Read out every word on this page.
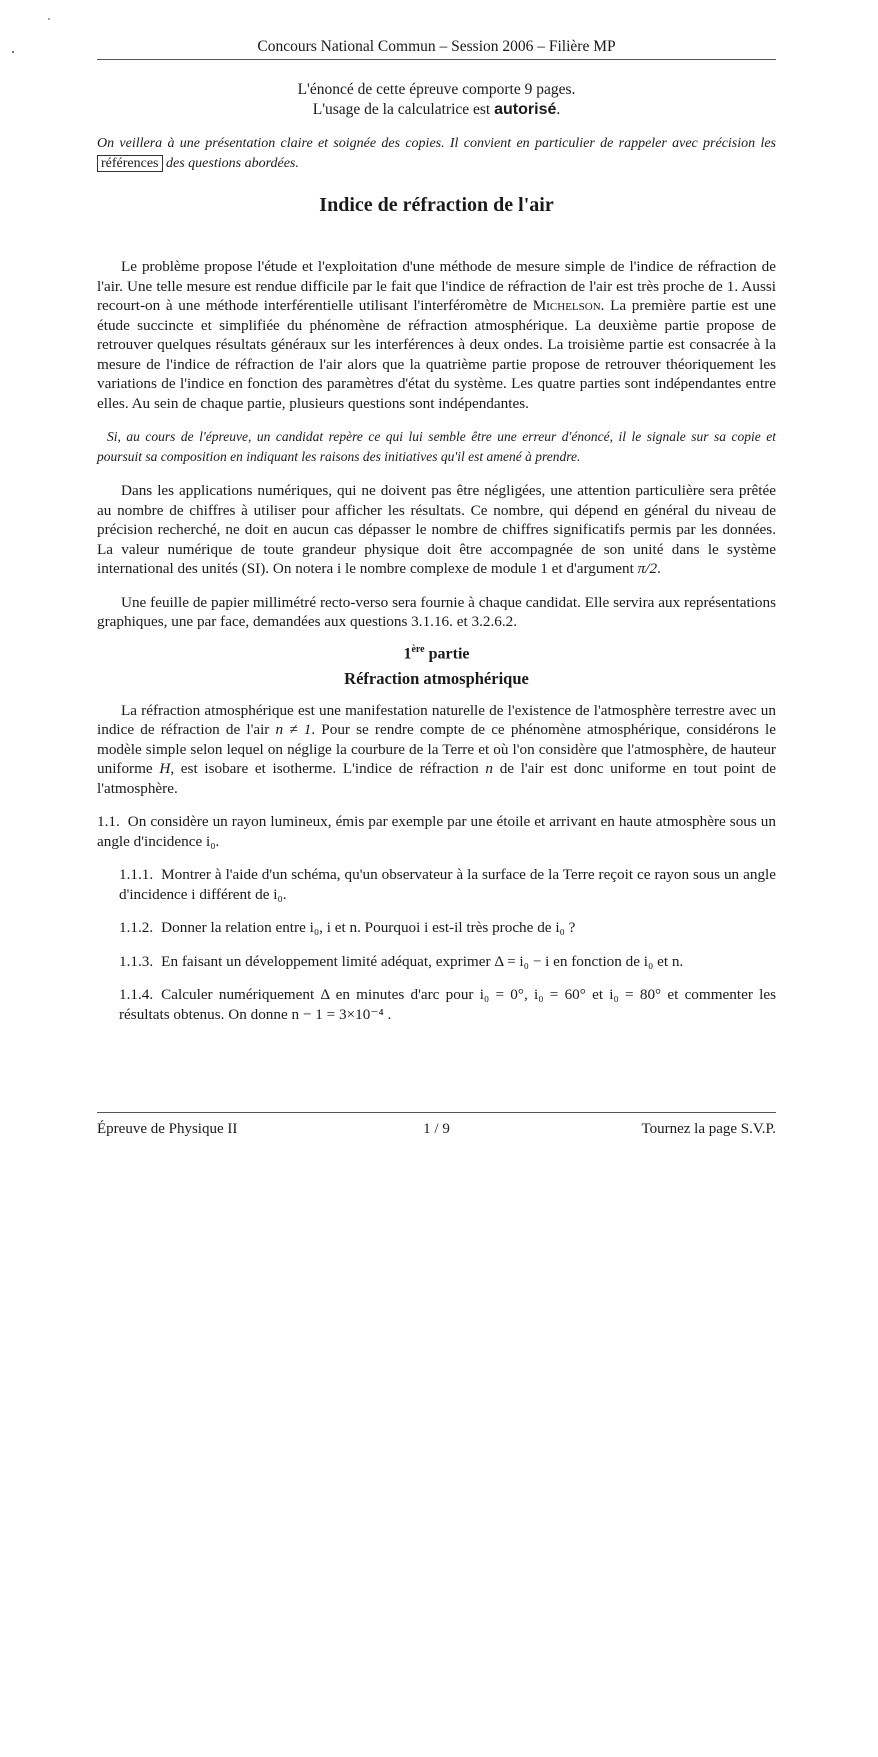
Concours National Commun – Session 2006 – Filière MP
L'énoncé de cette épreuve comporte 9 pages.
L'usage de la calculatrice est autorisé.

On veillera à une présentation claire et soignée des copies. Il convient en particulier de rappeler avec précision les références des questions abordées.

Indice de réfraction de l'air

Le problème propose l'étude et l'exploitation d'une méthode de mesure simple de l'indice de réfraction de l'air. Une telle mesure est rendue difficile par le fait que l'indice de réfraction de l'air est très proche de 1. Aussi recourt-on à une méthode interférentielle utilisant l'interféromètre de Michelson. La première partie est une étude succincte et simplifiée du phénomène de réfraction atmosphérique. La deuxième partie propose de retrouver quelques résultats généraux sur les interférences à deux ondes. La troisième partie est consacrée à la mesure de l'indice de réfraction de l'air alors que la quatrième partie propose de retrouver théoriquement les variations de l'indice en fonction des paramètres d'état du système. Les quatre parties sont indépendantes entre elles. Au sein de chaque partie, plusieurs questions sont indépendantes.

Si, au cours de l'épreuve, un candidat repère ce qui lui semble être une erreur d'énoncé, il le signale sur sa copie et poursuit sa composition en indiquant les raisons des initiatives qu'il est amené à prendre.

Dans les applications numériques, qui ne doivent pas être négligées, une attention particulière sera prêtée au nombre de chiffres à utiliser pour afficher les résultats. Ce nombre, qui dépend en général du niveau de précision recherché, ne doit en aucun cas dépasser le nombre de chiffres significatifs permis par les données. La valeur numérique de toute grandeur physique doit être accompagnée de son unité dans le système international des unités (SI). On notera i le nombre complexe de module 1 et d'argument π/2.

Une feuille de papier millimétré recto-verso sera fournie à chaque candidat. Elle servira aux représentations graphiques, une par face, demandées aux questions 3.1.16. et 3.2.6.2.

1ère partie
Réfraction atmosphérique

La réfraction atmosphérique est une manifestation naturelle de l'existence de l'atmosphère terrestre avec un indice de réfraction de l'air n ≠ 1. Pour se rendre compte de ce phénomène atmosphérique, considérons le modèle simple selon lequel on néglige la courbure de la Terre et où l'on considère que l'atmosphère, de hauteur uniforme H, est isobare et isotherme. L'indice de réfraction n de l'air est donc uniforme en tout point de l'atmosphère.

1.1. On considère un rayon lumineux, émis par exemple par une étoile et arrivant en haute atmosphère sous un angle d'incidence i₀.

1.1.1. Montrer à l'aide d'un schéma, qu'un observateur à la surface de la Terre reçoit ce rayon sous un angle d'incidence i différent de i₀.

1.1.2. Donner la relation entre i₀, i et n. Pourquoi i est-il très proche de i₀ ?

1.1.3. En faisant un développement limité adéquat, exprimer Δ = i₀ − i en fonction de i₀ et n.

1.1.4. Calculer numériquement Δ en minutes d'arc pour i₀ = 0°, i₀ = 60° et i₀ = 80° et commenter les résultats obtenus. On donne n − 1 = 3×10⁻⁴ .

Épreuve de Physique II	1 / 9	Tournez la page S.V.P.
